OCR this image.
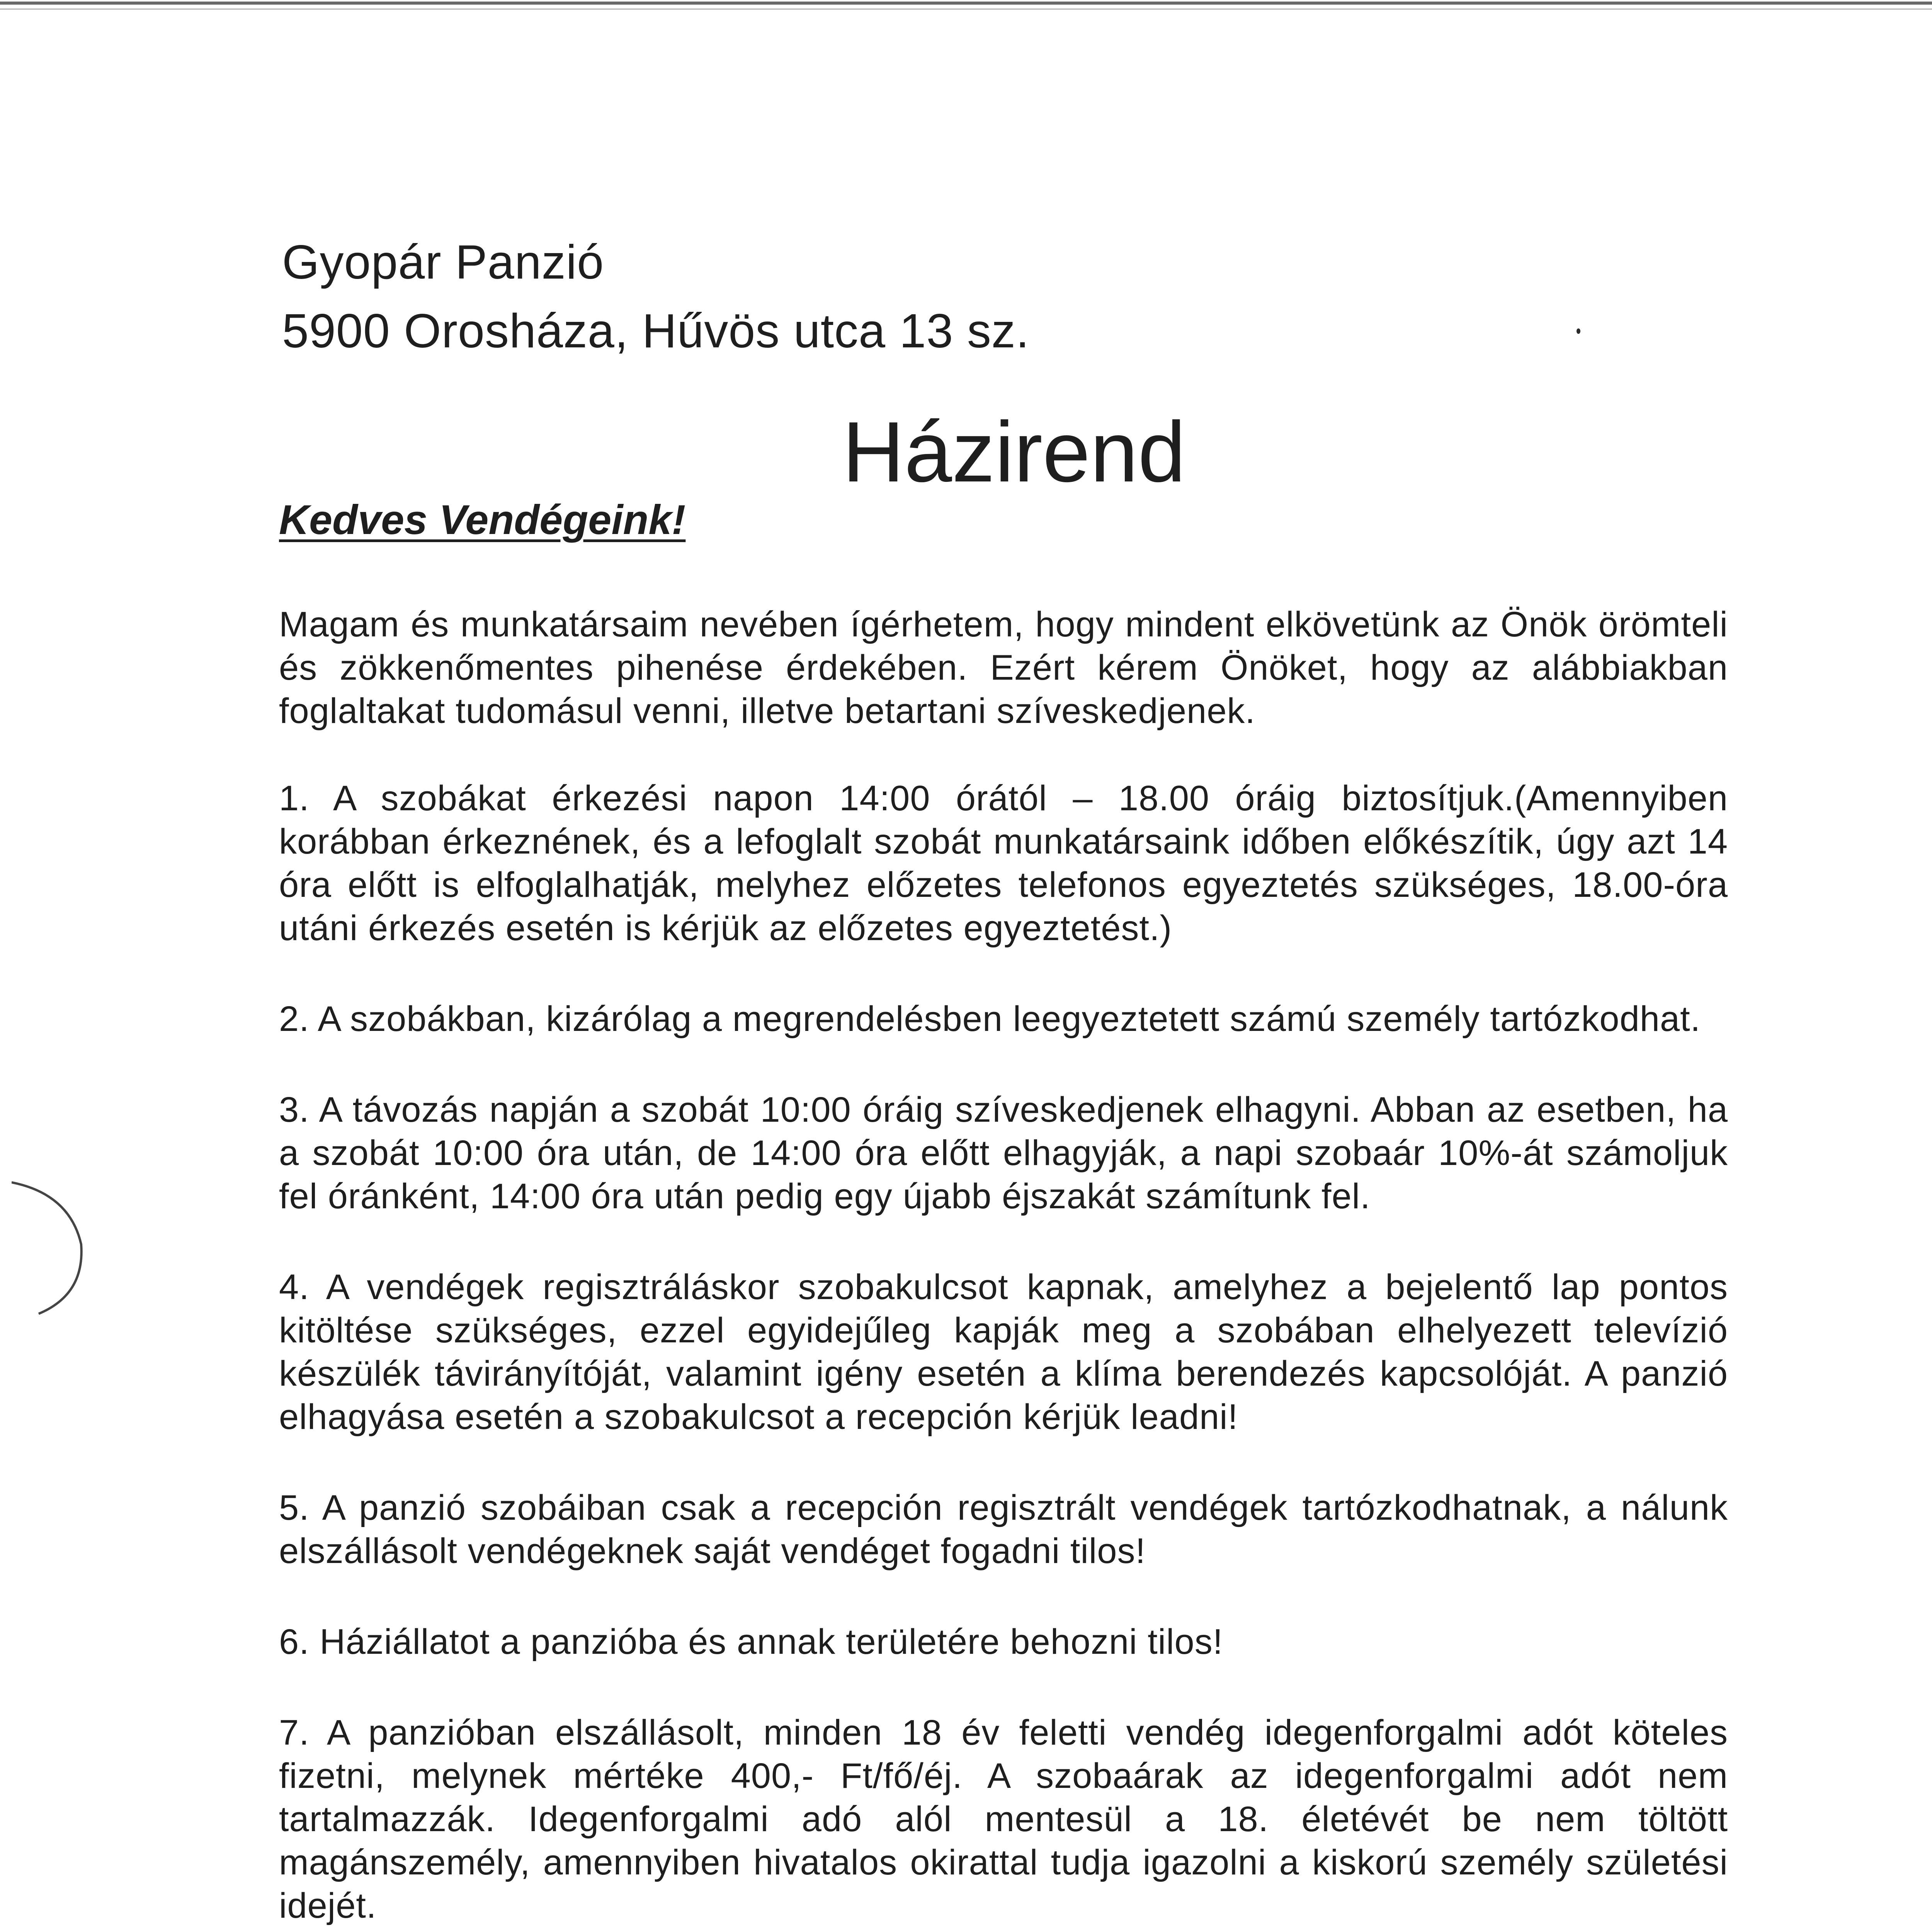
Gyopár Panzió
5900 Orosháza, Hűvös utca 13 sz.
Házirend
Kedves Vendégeink!
Magam és munkatársaim nevében ígérhetem, hogy mindent elkövetünk az Önök örömteli és zökkenőmentes pihenése érdekében. Ezért kérem Önöket, hogy az alábbiakban foglaltakat tudomásul venni, illetve betartani szíveskedjenek.
1. A szobákat érkezési napon 14:00 órától – 18.00 óráig biztosítjuk.(Amennyiben korábban érkeznének, és a lefoglalt szobát munkatársaink időben előkészítik, úgy azt 14 óra előtt is elfoglalhatják, melyhez előzetes telefonos egyeztetés szükséges, 18.00-óra utáni érkezés esetén is kérjük az előzetes egyeztetést.)
2. A szobákban, kizárólag a megrendelésben leegyeztetett számú személy tartózkodhat.
3. A távozás napján a szobát 10:00 óráig szíveskedjenek elhagyni. Abban az esetben, ha a szobát 10:00 óra után, de 14:00 óra előtt elhagyják, a napi szobaár 10%-át számoljuk fel óránként, 14:00 óra után pedig egy újabb éjszakát számítunk fel.
4. A vendégek regisztráláskor szobakulcsot kapnak, amelyhez a bejelentő lap pontos kitöltése szükséges, ezzel egyidejűleg kapják meg a szobában elhelyezett televízió készülék távirányítóját, valamint igény esetén a klíma berendezés kapcsolóját. A panzió elhagyása esetén a szobakulcsot a recepción kérjük leadni!
5. A panzió szobáiban csak a recepción regisztrált vendégek tartózkodhatnak, a nálunk elszállásolt vendégeknek saját vendéget fogadni tilos!
6. Háziállatot a panzióba és annak területére behozni tilos!
7. A panzióban elszállásolt, minden 18 év feletti vendég idegenforgalmi adót köteles fizetni, melynek mértéke 400,- Ft/fő/éj. A szobaárak az idegenforgalmi adót nem tartalmazzák. Idegenforgalmi adó alól mentesül a 18. életévét be nem töltött magánszemély, amennyiben hivatalos okirattal tudja igazolni a kiskorú személy születési idejét.
